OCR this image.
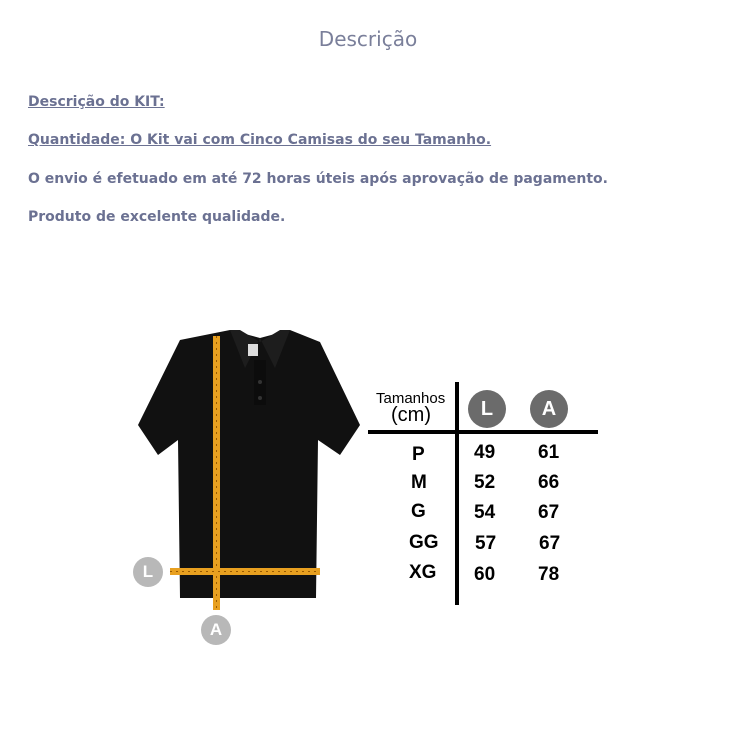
Descrição
Descrição do KIT:
Quantidade: O Kit vai com Cinco Camisas do seu Tamanho.
O envio é efetuado em até 72 horas úteis após aprovação de pagamento.
Produto de excelente qualidade.
L
A
Tamanhos
(cm)	L	A
P	49 61
M 52 66
G	54 67
GG 57 67
XG 60 78
